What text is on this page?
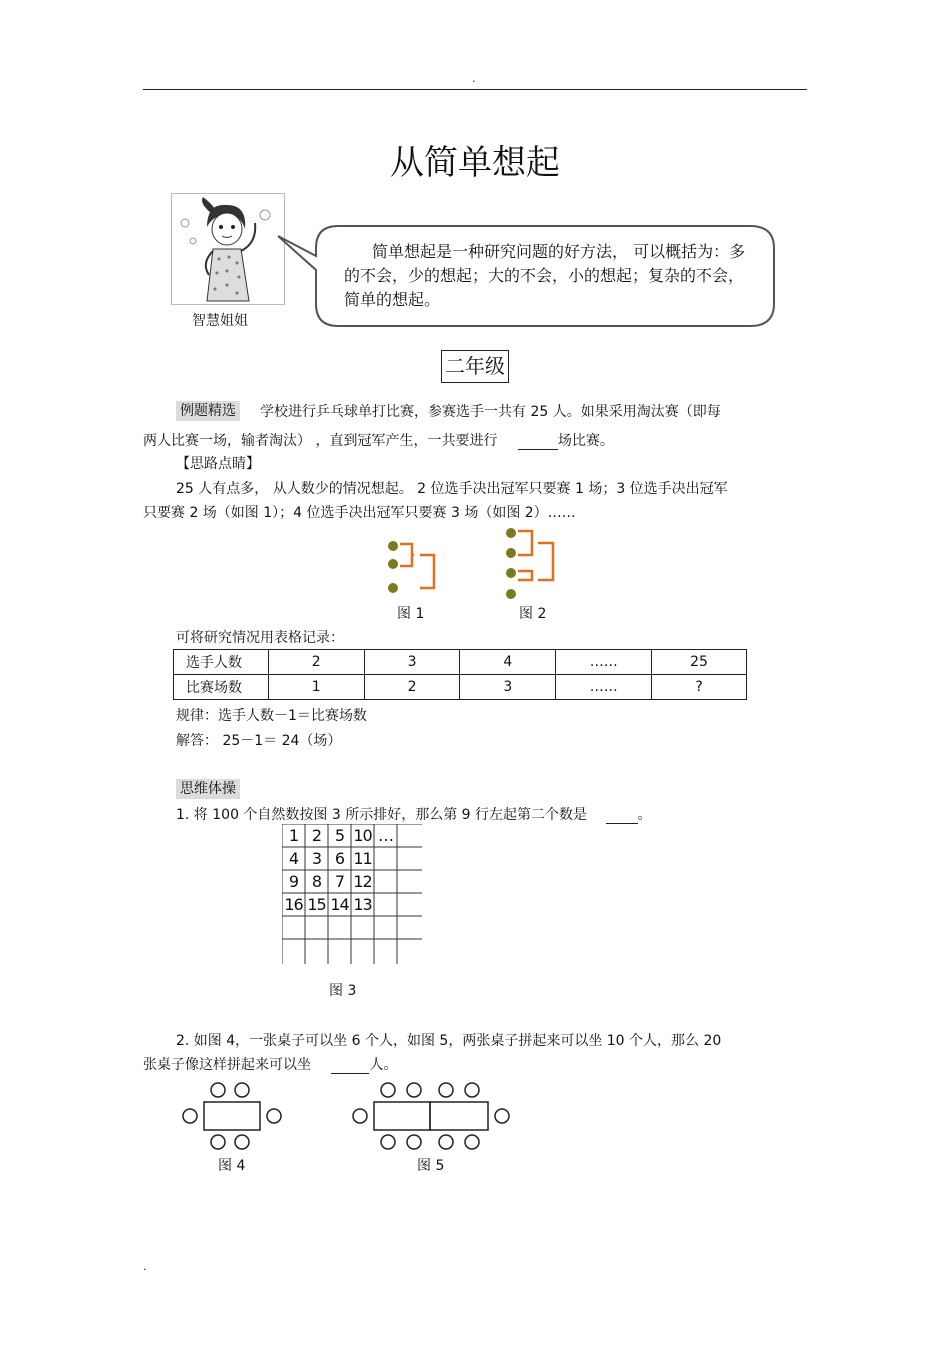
.
从简单想起
智慧姐姐
简单想起是一种研究问题的好方法， 可以概括为：多的不会，少的想起；大的不会，小的想起；复杂的不会，简单的想起。
二年级
例题精选 学校进行乒乓球单打比赛，参赛选手一共有 25 人。如果采用淘汰赛（即每
两人比赛一场，输者淘汰） ，直到冠军产生，一共要进行	场比赛。
【思路点睛】
25 人有点多， 从人数少的情况想起。 2 位选手决出冠军只要赛 1 场；3 位选手决出冠军
只要赛 2 场（如图 1）；4 位选手决出冠军只要赛 3 场（如图 2）……
图 1	图 2
可将研究情况用表格记录：
选手人数	2	3	4	……	25
比赛场数	1	2	3	……	?
规律：选手人数－1＝比赛场数
解答： 25－1＝ 24（场）
思维体操
1. 将 100 个自然数按图 3 所示排好，那么第 9 行左起第二个数是	。
1 2 5 10 …
4 3 6 11
9 8 7 12
16 15 14 13
图 3
2. 如图 4，一张桌子可以坐 6 个人，如图 5，两张桌子拼起来可以坐 10 个人，那么 20
张桌子像这样拼起来可以坐	人。
图 4	图 5
.
